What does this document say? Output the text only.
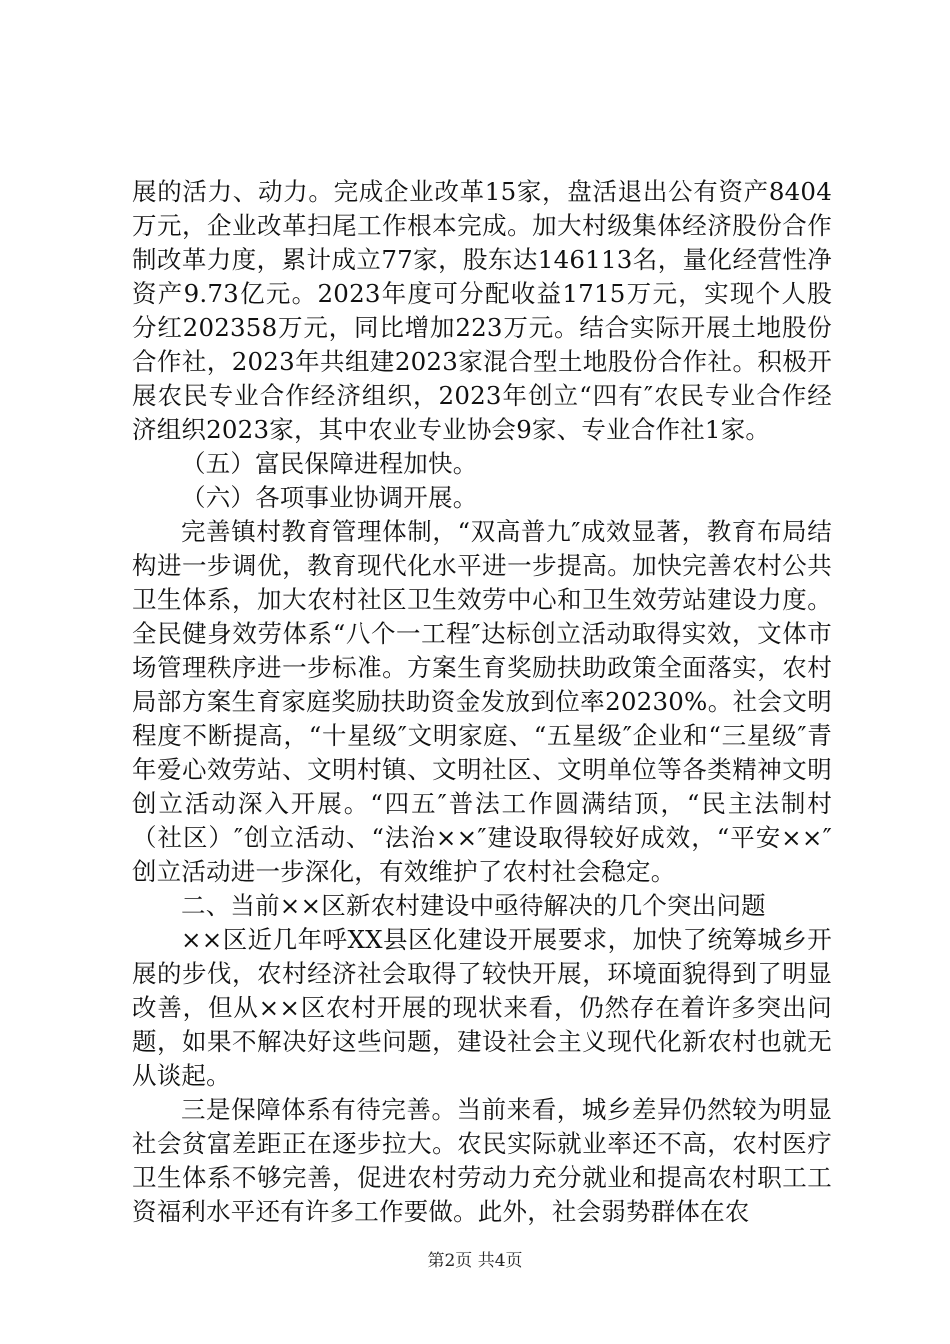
展的活力、动力。完成企业改革15家，盘活退出公有资产8404万元，企业改革扫尾工作根本完成。加大村级集体经济股份合作制改革力度，累计成立77家，股东达146113名，量化经营性净资产9.73亿元。2023年度可分配收益1715万元，实现个人股分红202358万元，同比增加223万元。结合实际开展土地股份合作社，2023年共组建2023家混合型土地股份合作社。积极开展农民专业合作经济组织，2023年创立“四有″农民专业合作经济组织2023家，其中农业专业协会9家、专业合作社1家。

（五）富民保障进程加快。

（六）各项事业协调开展。

完善镇村教育管理体制，“双高普九″成效显著，教育布局结构进一步调优，教育现代化水平进一步提高。加快完善农村公共卫生体系，加大农村社区卫生效劳中心和卫生效劳站建设力度。全民健身效劳体系“八个一工程″达标创立活动取得实效，文体市场管理秩序进一步标准。方案生育奖励扶助政策全面落实，农村局部方案生育家庭奖励扶助资金发放到位率20230%。社会文明程度不断提高，“十星级″文明家庭、“五星级″企业和“三星级″青年爱心效劳站、文明村镇、文明社区、文明单位等各类精神文明创立活动深入开展。“四五″普法工作圆满结顶，“民主法制村（社区）″创立活动、“法治××″建设取得较好成效，“平安××″创立活动进一步深化，有效维护了农村社会稳定。

二、当前××区新农村建设中亟待解决的几个突出问题

××区近几年呼XX县区化建设开展要求，加快了统筹城乡开展的步伐，农村经济社会取得了较快开展，环境面貌得到了明显改善，但从××区农村开展的现状来看，仍然存在着许多突出问题，如果不解决好这些问题，建设社会主义现代化新农村也就无从谈起。

三是保障体系有待完善。当前来看，城乡差异仍然较为明显社会贫富差距正在逐步拉大。农民实际就业率还不高，农村医疗卫生体系不够完善，促进农村劳动力充分就业和提高农村职工工资福利水平还有许多工作要做。此外，社会弱势群体在农

第2页 共4页
